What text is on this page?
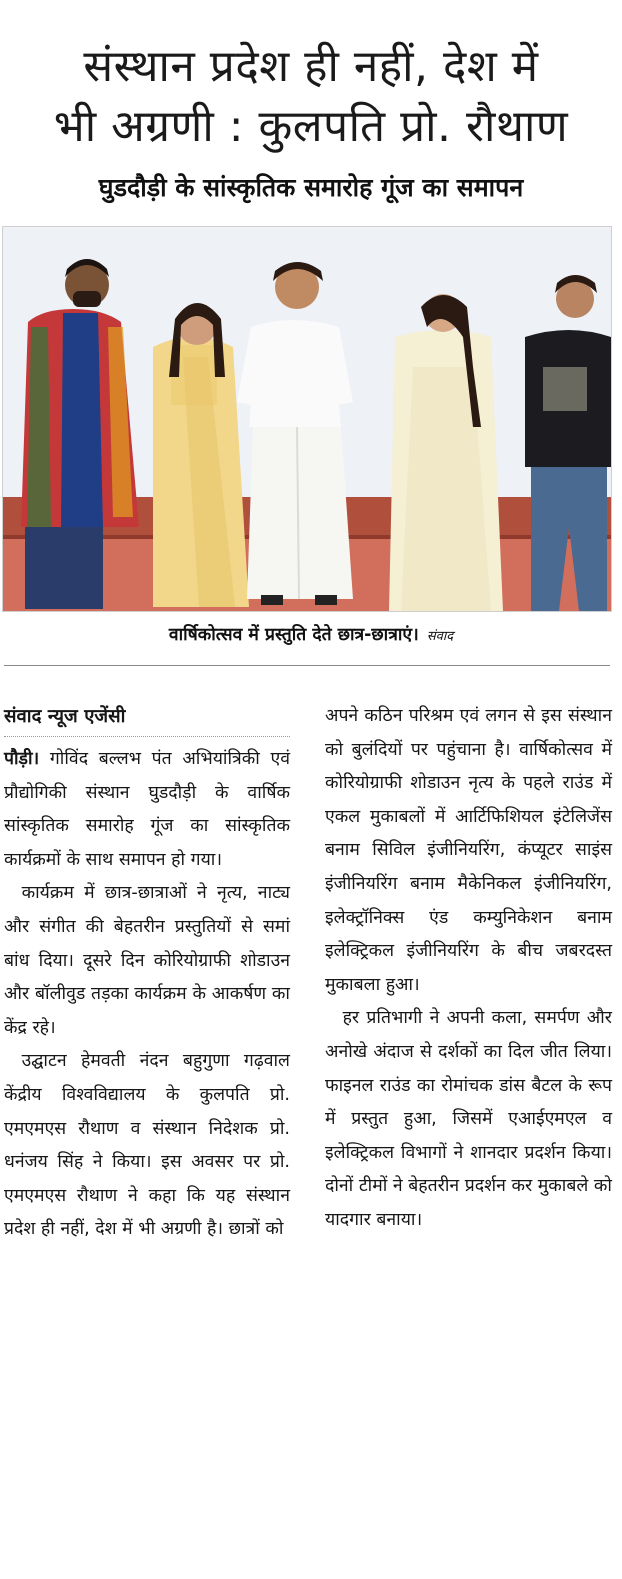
संस्थान प्रदेश ही नहीं, देश में
भी अग्रणी : कुलपति प्रो. रौथाण
घुडदौड़ी के सांस्कृतिक समारोह गूंज का समापन
वार्षिकोत्सव में प्रस्तुति देते छात्र-छात्राएं। संवाद
संवाद न्यूज एजेंसी

पौड़ी। गोविंद बल्लभ पंत अभियांत्रिकी एवं प्रौद्योगिकी संस्थान घुडदौड़ी के वार्षिक सांस्कृतिक समारोह गूंज का सांस्कृतिक कार्यक्रमों के साथ समापन हो गया।

कार्यक्रम में छात्र-छात्राओं ने नृत्य, नाट्य और संगीत की बेहतरीन प्रस्तुतियों से समां बांध दिया। दूसरे दिन कोरियोग्राफी शोडाउन और बॉलीवुड तड़का कार्यक्रम के आकर्षण का केंद्र रहे।

उद्घाटन हेमवती नंदन बहुगुणा गढ़वाल केंद्रीय विश्वविद्यालय के कुलपति प्रो. एमएमएस रौथाण व संस्थान निदेशक प्रो. धनंजय सिंह ने किया। इस अवसर पर प्रो. एमएमएस रौथाण ने कहा कि यह संस्थान प्रदेश ही नहीं, देश में भी अग्रणी है। छात्रों को

अपने कठिन परिश्रम एवं लगन से इस संस्थान को बुलंदियों पर पहुंचाना है। वार्षिकोत्सव में कोरियोग्राफी शोडाउन नृत्य के पहले राउंड में एकल मुकाबलों में आर्टिफिशियल इंटेलिजेंस बनाम सिविल इंजीनियरिंग, कंप्यूटर साइंस इंजीनियरिंग बनाम मैकेनिकल इंजीनियरिंग, इलेक्ट्रॉनिक्स एंड कम्युनिकेशन बनाम इलेक्ट्रिकल इंजीनियरिंग के बीच जबरदस्त मुकाबला हुआ।

हर प्रतिभागी ने अपनी कला, समर्पण और अनोखे अंदाज से दर्शकों का दिल जीत लिया। फाइनल राउंड का रोमांचक डांस बैटल के रूप में प्रस्तुत हुआ, जिसमें एआईएमएल व इलेक्ट्रिकल विभागों ने शानदार प्रदर्शन किया। दोनों टीमों ने बेहतरीन प्रदर्शन कर मुकाबले को यादगार बनाया।
